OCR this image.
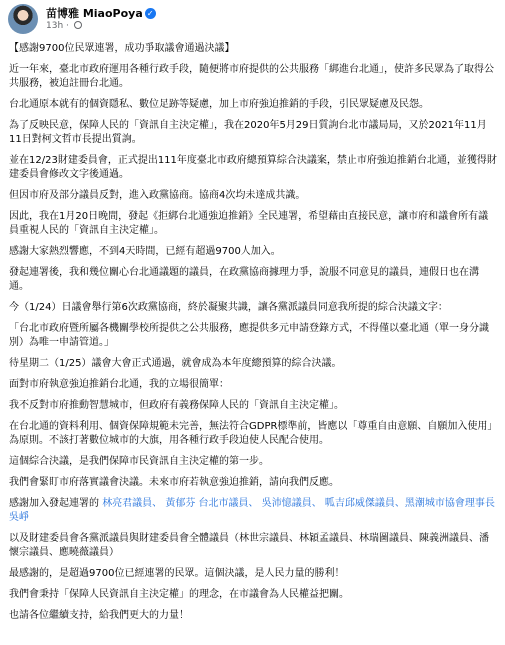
苗博雅 MiaoPoya ✓
13h ·

【感謝9700位民眾連署，成功爭取議會通過決議】

近一年來，臺北市政府運用各種行政手段，隨便將市府提供的公共服務「綁進台北通」，使許多民眾為了取得公共服務，被迫註冊台北通。

台北通原本就有的個資隱私、數位足跡等疑慮，加上市府強迫推銷的手段，引民眾疑慮及民怨。

為了反映民意，保障人民的「資訊自主決定權」，我在2020年5月29日質詢台北市議局局，又於2021年11月11日對柯文哲市長提出質詢。

並在12/23財建委員會，正式提出111年度臺北市政府總預算綜合決議案，禁止市府強迫推銷台北通，並獲得財建委員會修改文字後通過。

但因市府及部分議員反對，進入政黨協商。協商4次均未達成共識。

因此，我在1月20日晚間，發起《拒綁台北通強迫推銷》全民連署，希望藉由直接民意，讓市府和議會所有議員重視人民的「資訊自主決定權」。

感謝大家熱烈響應，不到4天時間，已經有超過9700人加入。

發起連署後，我和幾位關心台北通議題的議員，在政黨協商據理力爭，說服不同意見的議員，連假日也在溝通。

今（1/24）日議會舉行第6次政黨協商，終於凝聚共識，讓各黨派議員同意我所提的綜合決議文字：

「台北市政府暨所屬各機關學校所提供之公共服務，應提供多元申請登錄方式，不得僅以臺北通（單一身分識別）為唯一申請管道。」

待星期二（1/25）議會大會正式通過，就會成為本年度總預算的綜合決議。

面對市府執意強迫推銷台北通，我的立場很簡單：

我不反對市府推動智慧城市，但政府有義務保障人民的「資訊自主決定權」。

在台北通的資料利用、個資保障規範未完善，無法符合GDPR標準前，皆應以「尊重自由意願、自願加入使用」為原則。不該打著數位城市的大旗，用各種行政手段迫使人民配合使用。

這個綜合決議，是我們保障市民資訊自主決定權的第一步。

我們會緊盯市府落實議會決議。未來市府若執意強迫推銷，請向我們反應。

感謝加入發起連署的 林亮君議員、 黃郁芬 台北市議員、 吳沛憶議員、 呱吉邱威傑議員、黑潮城市協會理事長 吳崢

以及財建委員會各黨派議員與財建委員會全體議員（林世宗議員、林穎孟議員、林瑞圖議員、陳義洲議員、潘懷宗議員、應曉薇議員）

最感謝的，是超過9700位已經連署的民眾。這個決議，是人民力量的勝利！

我們會秉持「保障人民資訊自主決定權」的理念，在市議會為人民權益把關。

也請各位繼續支持，給我們更大的力量！
